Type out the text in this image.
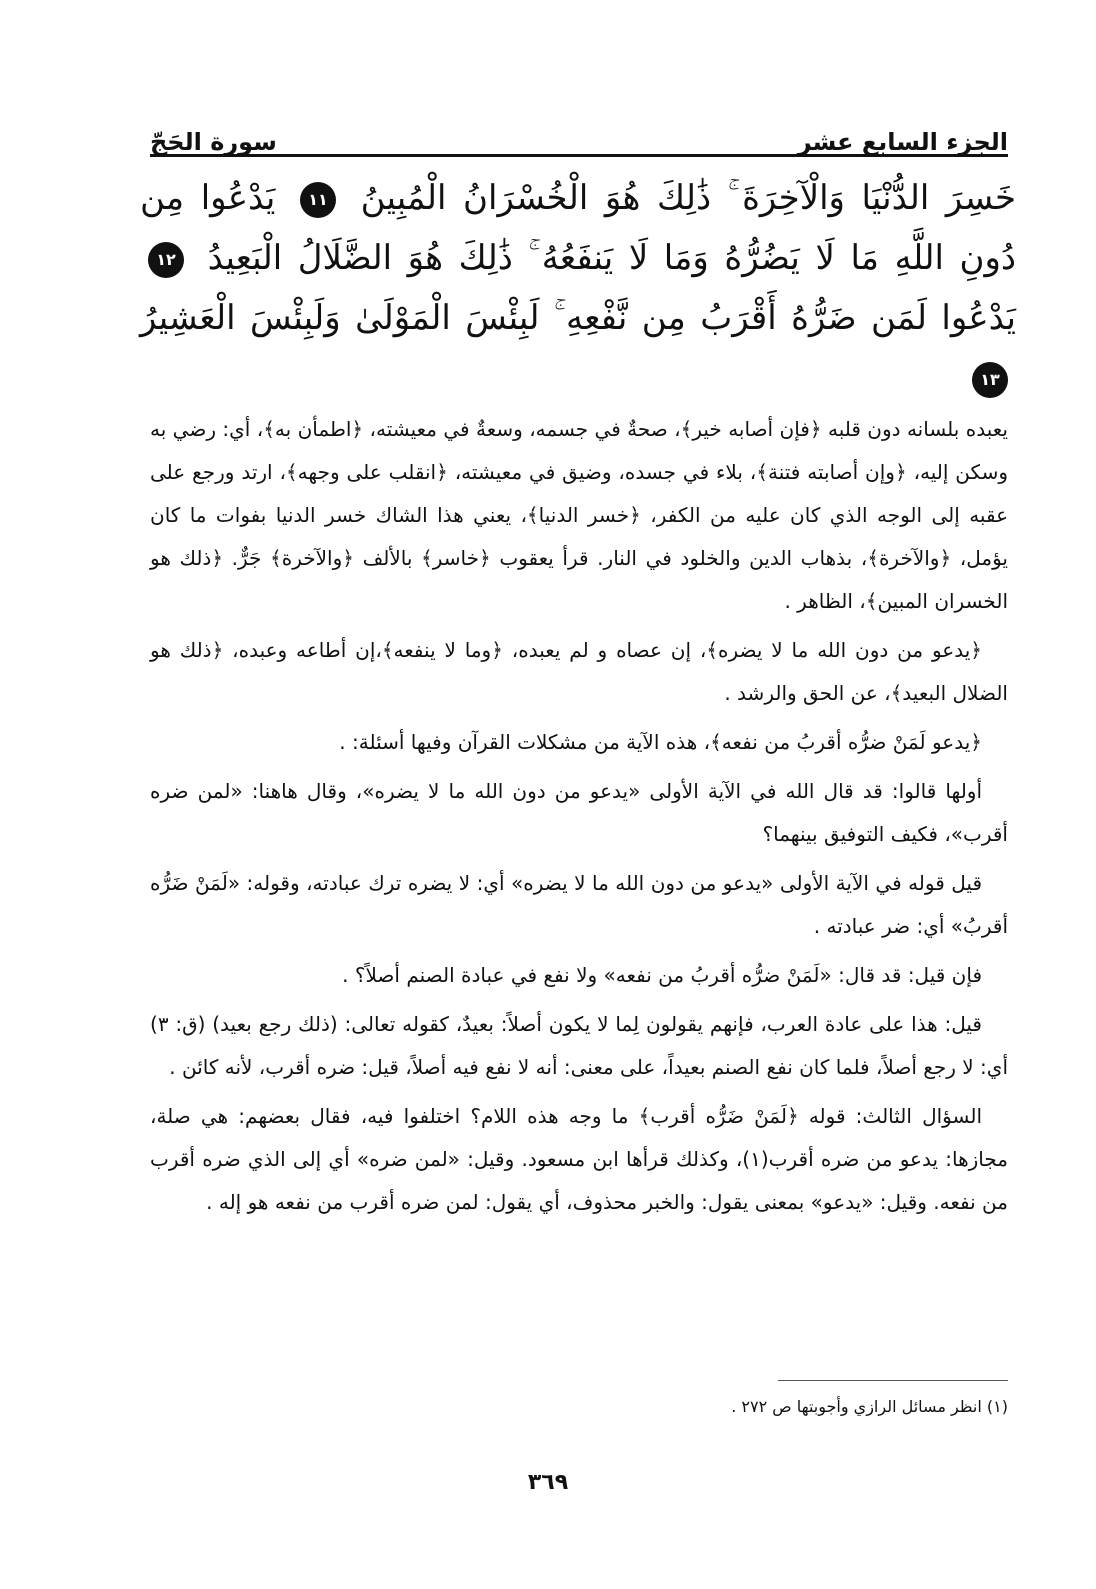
الجزء السابع عشر
سورة الحَجّ
خَسِرَ الدُّنْيَا وَالْآخِرَةَ ۚ ذَٰلِكَ هُوَ الْخُسْرَانُ الْمُبِينُ ١١ يَدْعُوا مِن دُونِ اللَّهِ مَا لَا يَضُرُّهُ وَمَا لَا يَنفَعُهُ ۚ ذَٰلِكَ هُوَ الضَّلَالُ الْبَعِيدُ ١٢ يَدْعُوا لَمَن ضَرُّهُ أَقْرَبُ مِن نَّفْعِهِ ۚ لَبِئْسَ الْمَوْلَىٰ وَلَبِئْسَ الْعَشِيرُ ١٣

يعبده بلسانه دون قلبه ﴿فإن أصابه خير﴾، صحةٌ في جسمه، وسعةٌ في معيشته، ﴿اطمأن به﴾، أي: رضي به وسكن إليه، ﴿وإن أصابته فتنة﴾، بلاء في جسده، وضيق في معيشته، ﴿انقلب على وجهه﴾، ارتد ورجع على عقبه إلى الوجه الذي كان عليه من الكفر، ﴿خسر الدنيا﴾، يعني هذا الشاك خسر الدنيا بفوات ما كان يؤمل، ﴿والآخرة﴾، بذهاب الدين والخلود في النار. قرأ يعقوب ﴿خاسر﴾ بالألف ﴿والآخرة﴾ جَرٌّ. ﴿ذلك هو الخسران المبين﴾، الظاهر .

﴿يدعو من دون الله ما لا يضره﴾، إن عصاه و لم يعبده، ﴿وما لا ينفعه﴾،إن أطاعه وعبده، ﴿ذلك هو الضلال البعيد﴾، عن الحق والرشد .

﴿يدعو لَمَنْ ضرُّه أقربُ من نفعه﴾، هذه الآية من مشكلات القرآن وفيها أسئلة: .

أولها قالوا: قد قال الله في الآية الأولى «يدعو من دون الله ما لا يضره»، وقال هاهنا: «لمن ضره أقرب»، فكيف التوفيق بينهما؟

قيل قوله في الآية الأولى «يدعو من دون الله ما لا يضره» أي: لا يضره ترك عبادته، وقوله: «لَمَنْ ضَرُّه أقربُ» أي: ضر عبادته .

فإن قيل: قد قال: «لَمَنْ ضرُّه أقربُ من نفعه» ولا نفع في عبادة الصنم أصلاً؟ .

قيل: هذا على عادة العرب، فإنهم يقولون لِما لا يكون أصلاً: بعيدٌ، كقوله تعالى: (ذلك رجع بعيد) (ق: ٣) أي: لا رجع أصلاً، فلما كان نفع الصنم بعيداً، على معنى: أنه لا نفع فيه أصلاً، قيل: ضره أقرب، لأنه كائن .

السؤال الثالث: قوله ﴿لَمَنْ ضَرُّه أقرب﴾ ما وجه هذه اللام؟ اختلفوا فيه، فقال بعضهم: هي صلة، مجازها: يدعو من ضره أقرب(١)، وكذلك قرأها ابن مسعود. وقيل: «لمن ضره» أي إلى الذي ضره أقرب من نفعه. وقيل: «يدعو» بمعنى يقول: والخبر محذوف، أي يقول: لمن ضره أقرب من نفعه هو إله .

(١) انظر مسائل الرازي وأجوبتها ص ٢٧٢ .
٣٦٩
